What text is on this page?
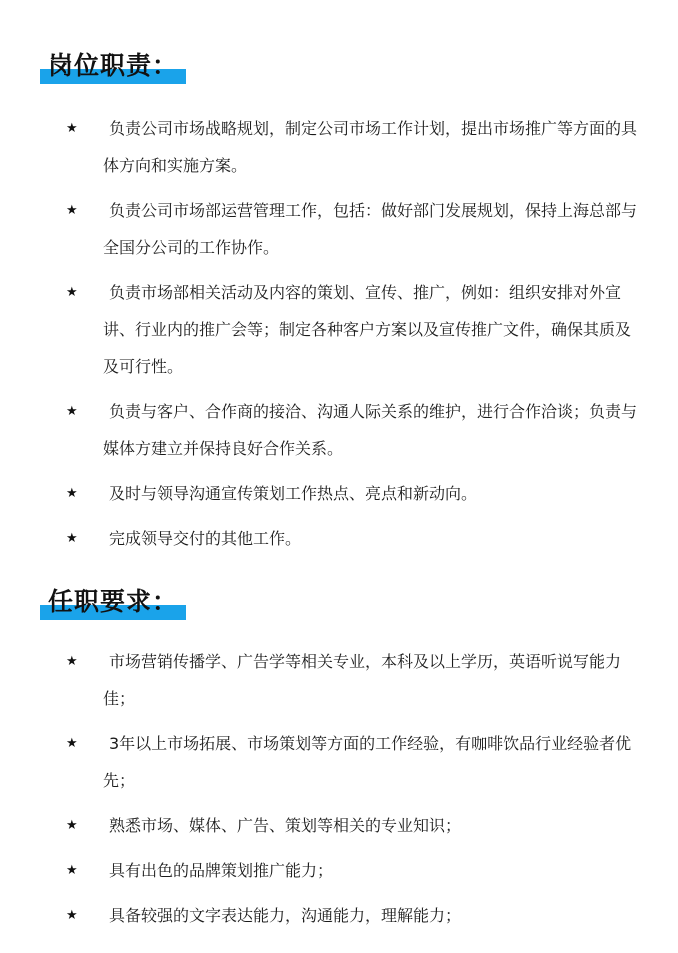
岗位职责：
★	负责公司市场战略规划，制定公司市场工作计划，提出市场推广等方面的具体方向和实施方案。
★	负责公司市场部运营管理工作，包括：做好部门发展规划，保持上海总部与全国分公司的工作协作。
★	负责市场部相关活动及内容的策划、宣传、推广，例如：组织安排对外宣讲、行业内的推广会等；制定各种客户方案以及宣传推广文件，确保其质及及可行性。
★	负责与客户、合作商的接洽、沟通人际关系的维护，进行合作洽谈；负责与媒体方建立并保持良好合作关系。
★	及时与领导沟通宣传策划工作热点、亮点和新动向。
★	完成领导交付的其他工作。
任职要求：
★	市场营销传播学、广告学等相关专业，本科及以上学历，英语听说写能力佳；
★	3年以上市场拓展、市场策划等方面的工作经验，有咖啡饮品行业经验者优先；
★	熟悉市场、媒体、广告、策划等相关的专业知识；
★	具有出色的品牌策划推广能力；
★	具备较强的文字表达能力，沟通能力，理解能力；
